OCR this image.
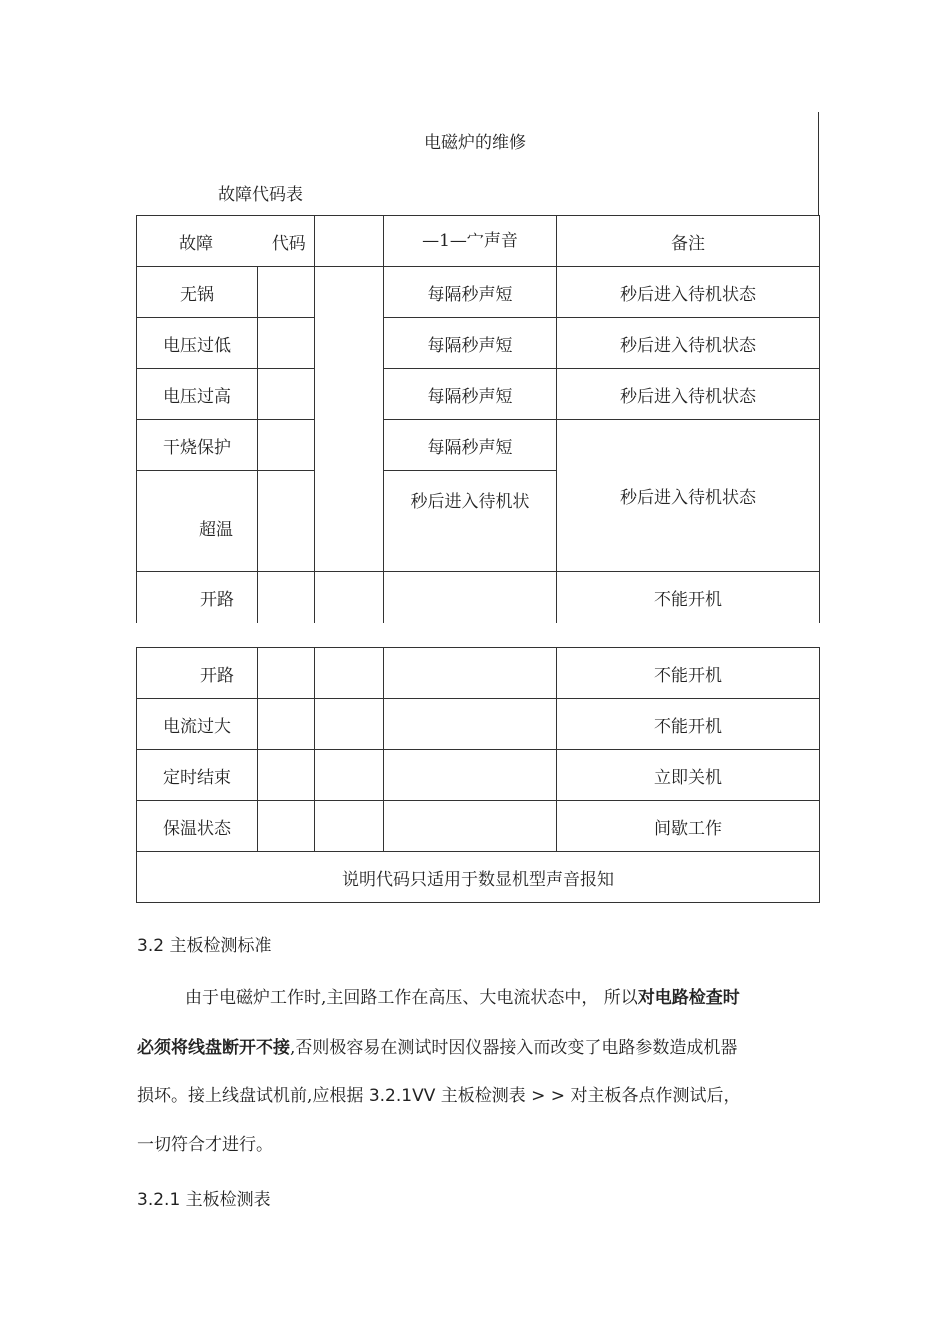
电磁炉的维修
故障代码表
故障 代码			—1—宀声音	备注
无锅			每隔秒声短	秒后进入待机状态
电压过低			每隔秒声短	秒后进入待机状态
电压过高			每隔秒声短	秒后进入待机状态
干烧保护			每隔秒声短	秒后进入待机状态
超温			秒后进入待机状	
开路				不能开机
开路				不能开机
电流过大				不能开机
定时结束				立即关机
保温状态				间歇工作
说明代码只适用于数显机型声音报知				
3.2 主板检测标准
由于电磁炉工作时,主回路工作在高压、大电流状态中， 所以对电路检查时
必须将线盘断开不接,否则极容易在测试时因仪器接入而改变了电路参数造成机器
损坏。接上线盘试机前,应根据 3.2.1VV 主板检测表 > > 对主板各点作测试后，
一切符合才进行。
3.2.1 主板检测表
